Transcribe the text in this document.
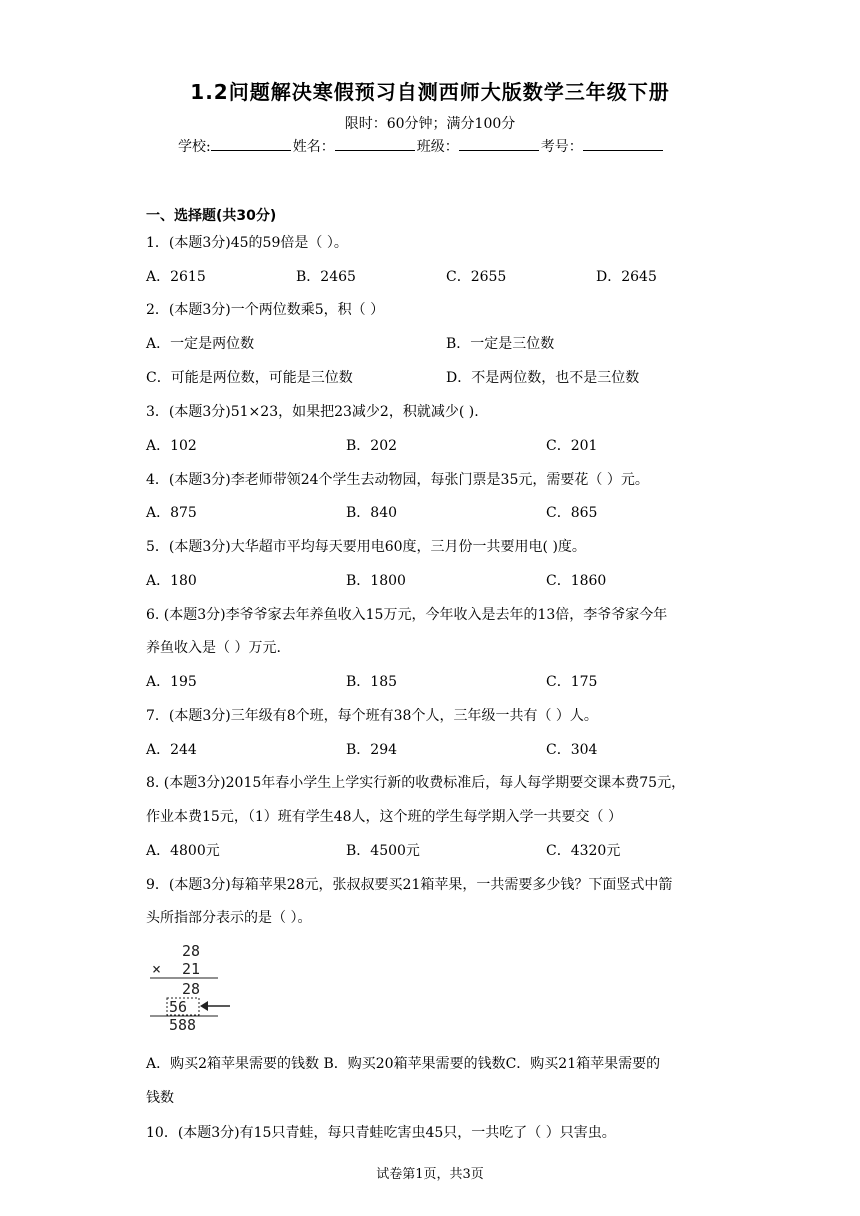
1.2问题解决寒假预习自测西师大版数学三年级下册
限时：60分钟；满分100分
学校:	姓名：	班级：	考号：
一、选择题(共30分)
1．(本题3分)45的59倍是（ ）。
A．2615	B．2465	C．2655	D．2645
2．(本题3分)一个两位数乘5，积（ ）
A．一定是两位数	B．一定是三位数
C．可能是两位数，可能是三位数	D．不是两位数，也不是三位数
3．(本题3分)51×23，如果把23减少2，积就减少( ).
A．102	B．202	C．201
4．(本题3分)李老师带领24个学生去动物园，每张门票是35元，需要花（ ）元。
A．875	B．840	C．865
5．(本题3分)大华超市平均每天要用电60度，三月份一共要用电( )度。
A．180	B．1800	C．1860
6. (本题3分)李爷爷家去年养鱼收入15万元，今年收入是去年的13倍，李爷爷家今年
养鱼收入是（ ）万元.
A．195	B．185	C．175
7．(本题3分)三年级有8个班，每个班有38个人，三年级一共有（ ）人。
A．244	B．294	C．304
8. (本题3分)2015年春小学生上学实行新的收费标准后，每人每学期要交课本费75元，
作业本费15元，（1）班有学生48人，这个班的学生每学期入学一共要交（ ）
A．4800元	B．4500元	C．4320元
9．(本题3分)每箱苹果28元，张叔叔要买21箱苹果，一共需要多少钱？下面竖式中箭
头所指部分表示的是（ ）。
28
× 21
28
56
588
A．购买2箱苹果需要的钱数 B．购买20箱苹果需要的钱数C．购买21箱苹果需要的
钱数
10．(本题3分)有15只青蛙，每只青蛙吃害虫45只，一共吃了（ ）只害虫。
试卷第1页，共3页
